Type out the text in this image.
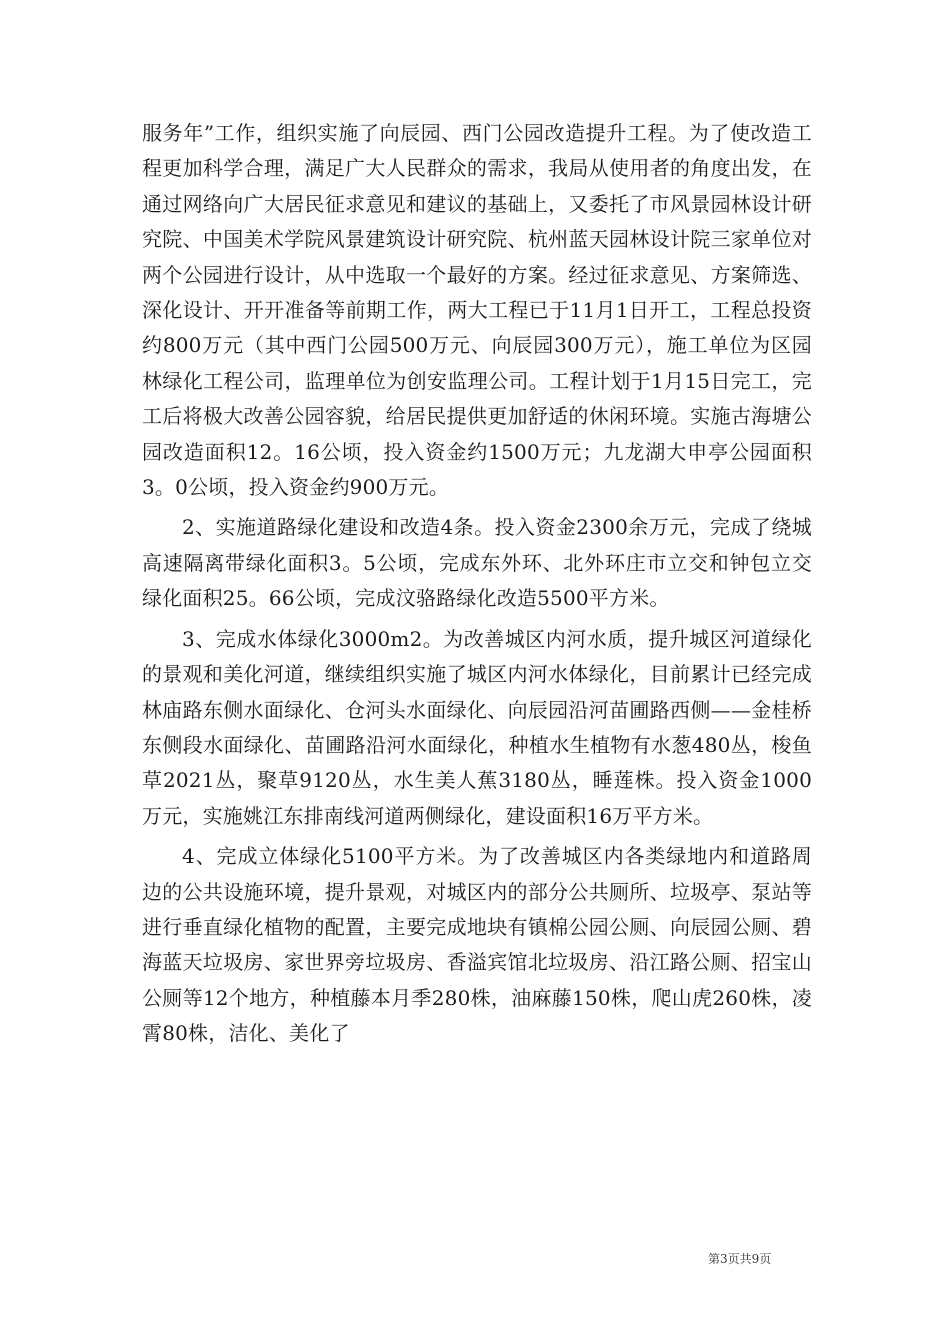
服务年”工作，组织实施了向辰园、西门公园改造提升工程。为了使改造工程更加科学合理，满足广大人民群众的需求，我局从使用者的角度出发，在通过网络向广大居民征求意见和建议的基础上，又委托了市风景园林设计研究院、中国美术学院风景建筑设计研究院、杭州蓝天园林设计院三家单位对两个公园进行设计，从中选取一个最好的方案。经过征求意见、方案筛选、深化设计、开开准备等前期工作，两大工程已于11月1日开工，工程总投资约800万元（其中西门公园500万元、向辰园300万元），施工单位为区园林绿化工程公司，监理单位为创安监理公司。工程计划于1月15日完工，完工后将极大改善公园容貌，给居民提供更加舒适的休闲环境。实施古海塘公园改造面积12。16公顷，投入资金约1500万元；九龙湖大申亭公园面积3。0公顷，投入资金约900万元。

2、实施道路绿化建设和改造4条。投入资金2300余万元，完成了绕城高速隔离带绿化面积3。5公顷，完成东外环、北外环庄市立交和钟包立交绿化面积25。66公顷，完成汶骆路绿化改造5500平方米。

3、完成水体绿化3000m2。为改善城区内河水质，提升城区河道绿化的景观和美化河道，继续组织实施了城区内河水体绿化，目前累计已经完成林庙路东侧水面绿化、仓河头水面绿化、向辰园沿河苗圃路西侧——金桂桥东侧段水面绿化、苗圃路沿河水面绿化，种植水生植物有水葱480丛，梭鱼草2021丛，聚草9120丛，水生美人蕉3180丛，睡莲株。投入资金1000万元，实施姚江东排南线河道两侧绿化，建设面积16万平方米。

4、完成立体绿化5100平方米。为了改善城区内各类绿地内和道路周边的公共设施环境，提升景观，对城区内的部分公共厕所、垃圾亭、泵站等进行垂直绿化植物的配置，主要完成地块有镇棉公园公厕、向辰园公厕、碧海蓝天垃圾房、家世界旁垃圾房、香溢宾馆北垃圾房、沿江路公厕、招宝山公厕等12个地方，种植藤本月季280株，油麻藤150株，爬山虎260株，凌霄80株，洁化、美化了

第3页共9页
